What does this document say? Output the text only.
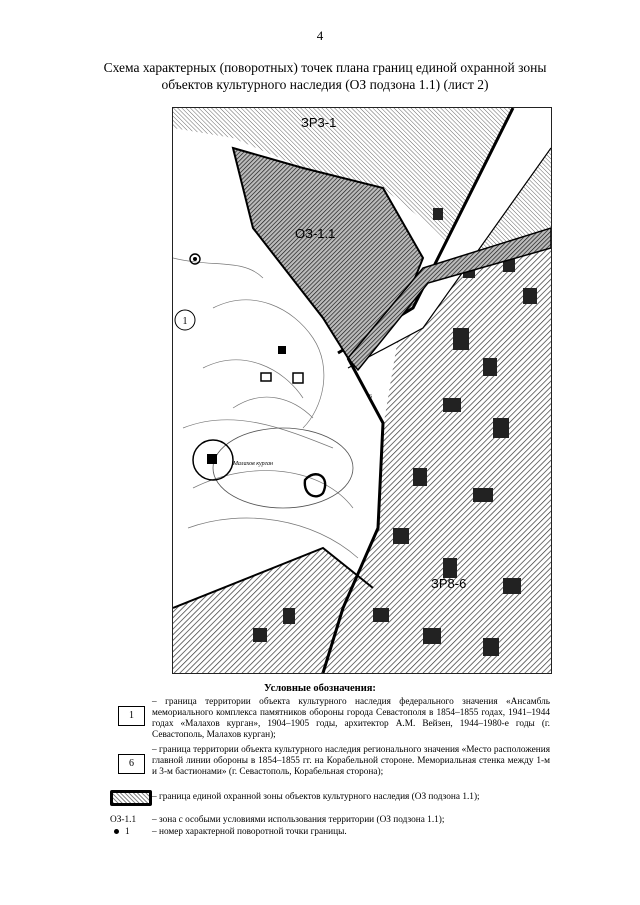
4
Схема характерных (поворотных) точек плана границ единой охранной зоны
объектов культурного наследия (ОЗ подзона 1.1) (лист 2)
1
ЗР3-1
ОЗ-1.1
ЗР8-6
Малахов курган
6
Условные обозначения:
1
– граница территории объекта культурного наследия федерального значения «Ансамбль мемориального комплекса памятников обороны города Севастополя в 1854–1855 годах, 1941–1944 годах «Малахов курган», 1904–1905 годы, архитектор А.М. Вейзен, 1944–1980-е годы (г. Севастополь, Малахов курган);
6
– граница территории объекта культурного наследия регионального значения «Место расположения главной линии обороны в 1854–1855 гг. на Корабельной стороне. Мемориальная стенка между 1-м и 3-м бастионами» (г. Севастополь, Корабельная сторона);
– граница единой охранной зоны объектов культурного наследия (ОЗ подзона 1.1);
ОЗ-1.1 – зона с особыми условиями использования территории (ОЗ подзона 1.1);
1 – номер характерной поворотной точки границы.
